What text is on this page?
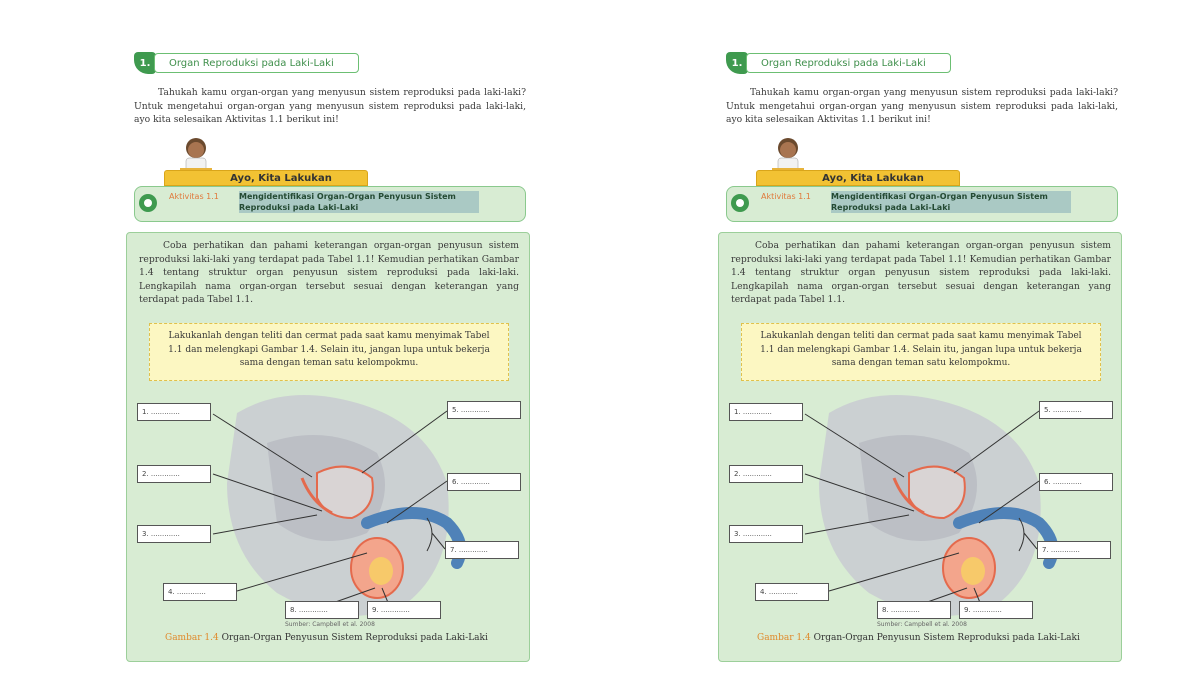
1.	Organ Reproduksi pada Laki-Laki

Tahukah kamu organ-organ yang menyusun sistem reproduksi pada laki-laki? Untuk mengetahui organ-organ yang menyusun sistem reproduksi pada laki-laki, ayo kita selesaikan Aktivitas 1.1 berikut ini!

Ayo, Kita Lakukan
Aktivitas 1.1	Mengidentifikasi Organ-Organ Penyusun Sistem Reproduksi pada Laki-Laki

Coba perhatikan dan pahami keterangan organ-organ penyusun sistem reproduksi laki-laki yang terdapat pada Tabel 1.1! Kemudian perhatikan Gambar 1.4 tentang struktur organ penyusun sistem reproduksi pada laki-laki. Lengkapilah nama organ-organ tersebut sesuai dengan keterangan yang terdapat pada Tabel 1.1.

Lakukanlah dengan teliti dan cermat pada saat kamu menyimak Tabel 1.1 dan melengkapi Gambar 1.4. Selain itu, jangan lupa untuk bekerja sama dengan teman satu kelompokmu.
1. .............
2. .............
3. .............
4. .............
5. .............
6. .............
7. .............
8. .............	9. .............
Sumber: Campbell et al. 2008
Gambar 1.4 Organ-Organ Penyusun Sistem Reproduksi pada Laki-Laki
1.	Organ Reproduksi pada Laki-Laki

Tahukah kamu organ-organ yang menyusun sistem reproduksi pada laki-laki? Untuk mengetahui organ-organ yang menyusun sistem reproduksi pada laki-laki, ayo kita selesaikan Aktivitas 1.1 berikut ini!

Ayo, Kita Lakukan
Aktivitas 1.1	Mengidentifikasi Organ-Organ Penyusun Sistem Reproduksi pada Laki-Laki

Coba perhatikan dan pahami keterangan organ-organ penyusun sistem reproduksi laki-laki yang terdapat pada Tabel 1.1! Kemudian perhatikan Gambar 1.4 tentang struktur organ penyusun sistem reproduksi pada laki-laki. Lengkapilah nama organ-organ tersebut sesuai dengan keterangan yang terdapat pada Tabel 1.1.

Lakukanlah dengan teliti dan cermat pada saat kamu menyimak Tabel 1.1 dan melengkapi Gambar 1.4. Selain itu, jangan lupa untuk bekerja sama dengan teman satu kelompokmu.
1. .............
2. .............
3. .............
4. .............
5. .............
6. .............
7. .............
8. .............	9. .............
Sumber: Campbell et al. 2008
Gambar 1.4 Organ-Organ Penyusun Sistem Reproduksi pada Laki-Laki
